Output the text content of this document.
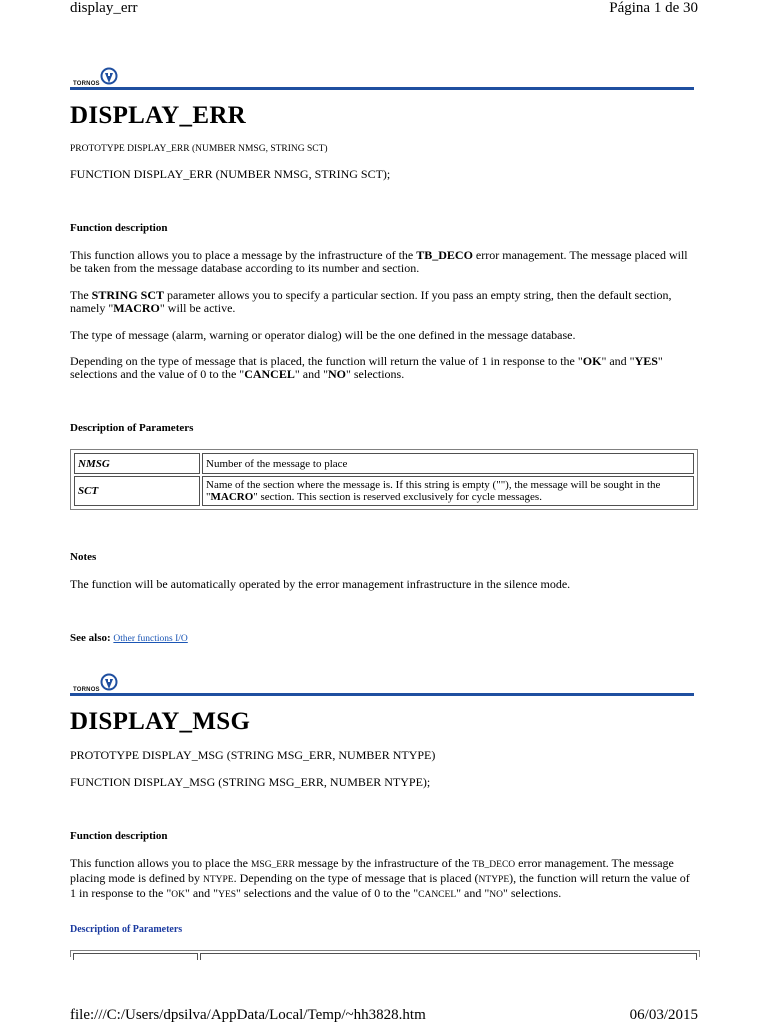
display_err	Página 1 de 30
TORNOS
DISPLAY_ERR
PROTOTYPE DISPLAY_ERR (NUMBER NMSG, STRING SCT)
FUNCTION DISPLAY_ERR (NUMBER NMSG, STRING SCT);
Function description
This function allows you to place a message by the infrastructure of the TB_DECO error management. The message placed will be taken from the message database according to its number and section.
The STRING SCT parameter allows you to specify a particular section. If you pass an empty string, then the default section, namely "MACRO" will be active.
The type of message (alarm, warning or operator dialog) will be the one defined in the message database.
Depending on the type of message that is placed, the function will return the value of 1 in response to the "OK" and "YES" selections and the value of 0 to the "CANCEL" and "NO" selections.
Description of Parameters
NMSG	Number of the message to place
SCT	Name of the section where the message is. If this string is empty (""), the message will be sought in the "MACRO" section. This section is reserved exclusively for cycle messages.
Notes
The function will be automatically operated by the error management infrastructure in the silence mode.
See also: Other functions I/O
TORNOS
DISPLAY_MSG
PROTOTYPE DISPLAY_MSG (STRING MSG_ERR, NUMBER NTYPE)
FUNCTION DISPLAY_MSG (STRING MSG_ERR, NUMBER NTYPE);
Function description
This function allows you to place the MSG_ERR message by the infrastructure of the TB_DECO error management. The message placing mode is defined by NTYPE. Depending on the type of message that is placed (NTYPE), the function will return the value of 1 in response to the "OK" and "YES" selections and the value of 0 to the "CANCEL" and "NO" selections.
Description of Parameters
file:///C:/Users/dpsilva/AppData/Local/Temp/~hh3828.htm	06/03/2015
